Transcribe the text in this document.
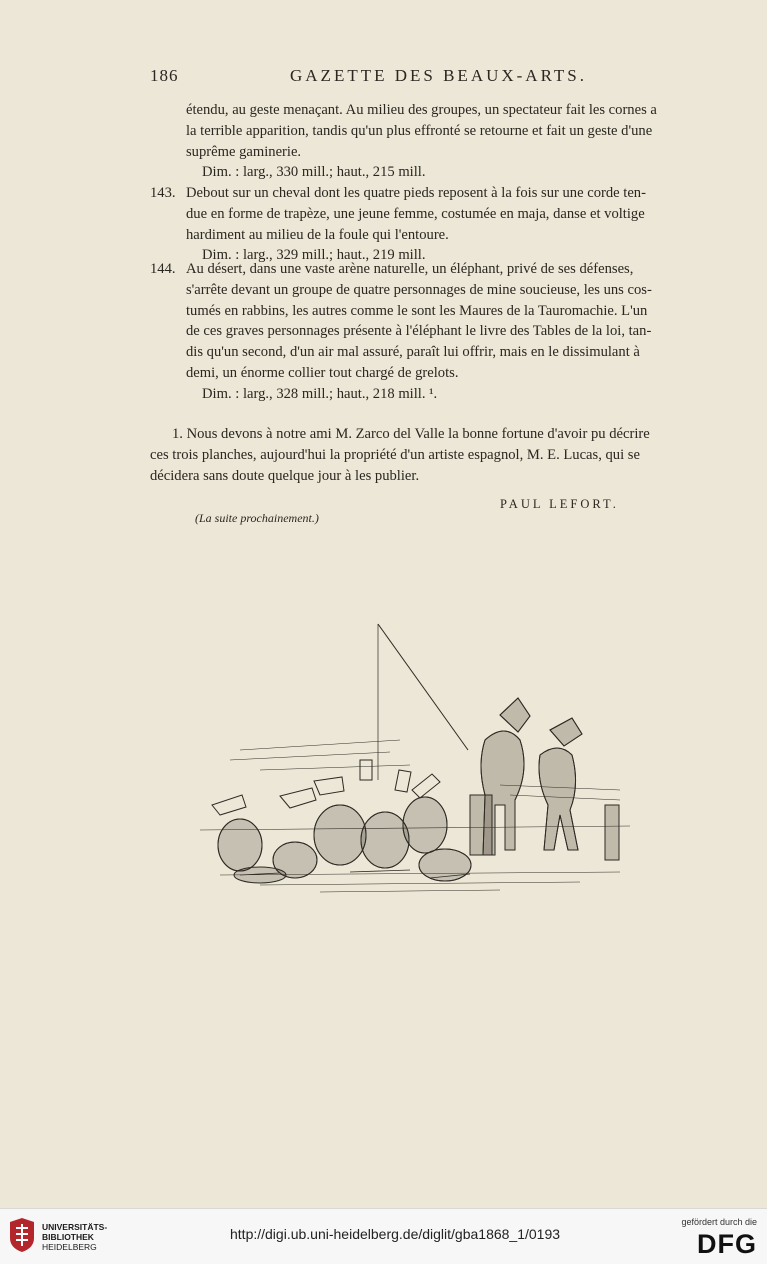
186	GAZETTE DES BEAUX-ARTS.
étendu, au geste menaçant. Au milieu des groupes, un spectateur fait les cornes a
la terrible apparition, tandis qu'un plus effronté se retourne et fait un geste d'une
suprême gaminerie.
Dim. : larg., 330 mill.; haut., 215 mill.
143. Debout sur un cheval dont les quatre pieds reposent à la fois sur une corde ten-
due en forme de trapèze, une jeune femme, costumée en maja, danse et voltige
hardiment au milieu de la foule qui l'entoure.
Dim. : larg., 329 mill.; haut., 219 mill.
144. Au désert, dans une vaste arène naturelle, un éléphant, privé de ses défenses,
s'arrête devant un groupe de quatre personnages de mine soucieuse, les uns cos-
tumés en rabbins, les autres comme le sont les Maures de la Tauromachie. L'un
de ces graves personnages présente à l'éléphant le livre des Tables de la loi, tan-
dis qu'un second, d'un air mal assuré, paraît lui offrir, mais en le dissimulant à
demi, un énorme collier tout chargé de grelots.
Dim. : larg., 328 mill.; haut., 218 mill. ¹.
1. Nous devons à notre ami M. Zarco del Valle la bonne fortune d'avoir pu décrire
ces trois planches, aujourd'hui la propriété d'un artiste espagnol, M. E. Lucas, qui se
décidera sans doute quelque jour à les publier.
PAUL LEFORT.
(La suite prochainement.)
UNIVERSITÄTS-
BIBLIOTHEK
HEIDELBERG
http://digi.ub.uni-heidelberg.de/diglit/gba1868_1/0193
gefördert durch die
DFG
